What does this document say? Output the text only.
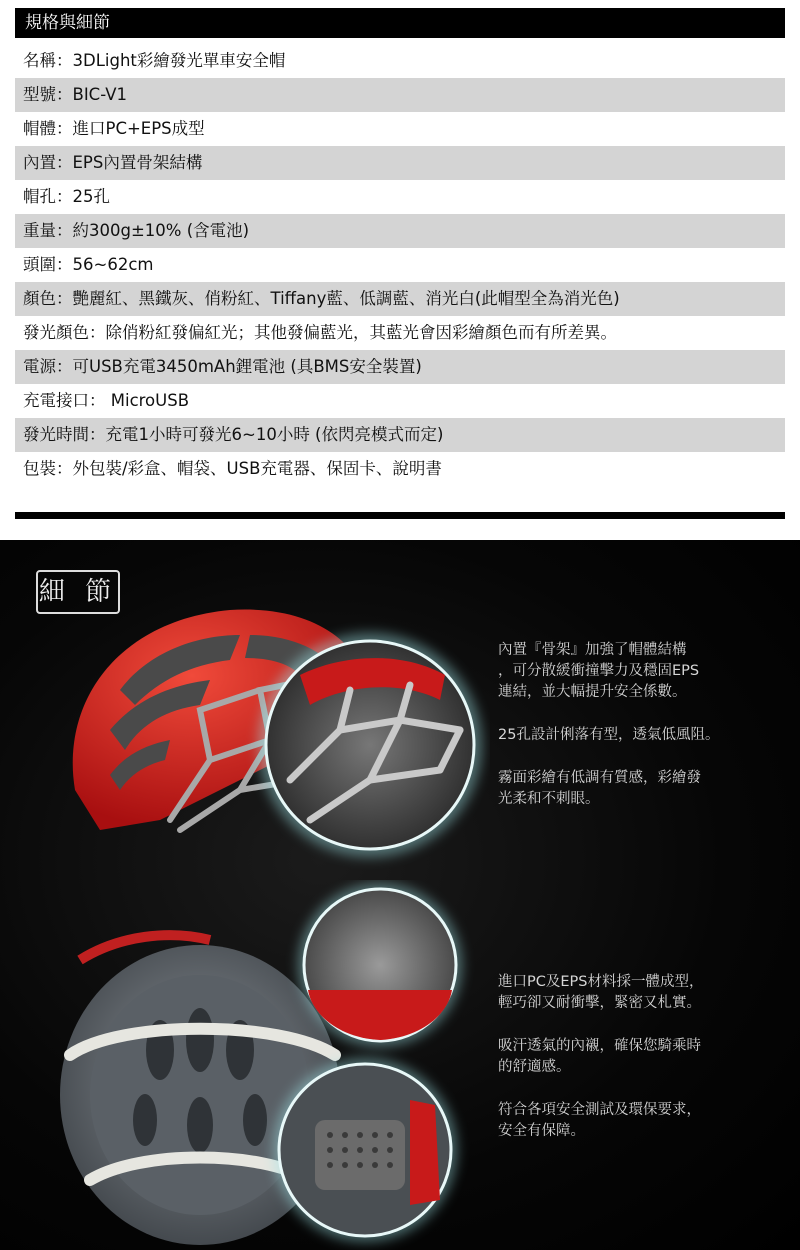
規格與細節
名稱：3DLight彩繪發光單車安全帽
型號：BIC-V1
帽體：進口PC+EPS成型
內置：EPS內置骨架結構
帽孔：25孔
重量：約300g±10% (含電池)
頭圍：56~62cm
顏色：艷麗紅、黑鐵灰、俏粉紅、Tiffany藍、低調藍、消光白(此帽型全為消光色)
發光顏色：除俏粉紅發偏紅光；其他發偏藍光，其藍光會因彩繪顏色而有所差異。
電源：可USB充電3450mAh鋰電池 (具BMS安全裝置)
充電接口： MicroUSB
發光時間：充電1小時可發光6~10小時 (依閃亮模式而定)
包裝：外包裝/彩盒、帽袋、USB充電器、保固卡、說明書
細 節

內置『骨架』加強了帽體結構
，可分散緩衝撞擊力及穩固EPS
連結，並大幅提升安全係數。

25孔設計俐落有型，透氣低風阻。

霧面彩繪有低調有質感，彩繪發
光柔和不刺眼。

進口PC及EPS材料採一體成型，
輕巧卻又耐衝擊，緊密又札實。

吸汗透氣的內襯，確保您騎乘時
的舒適感。

符合各項安全測試及環保要求，
安全有保障。
